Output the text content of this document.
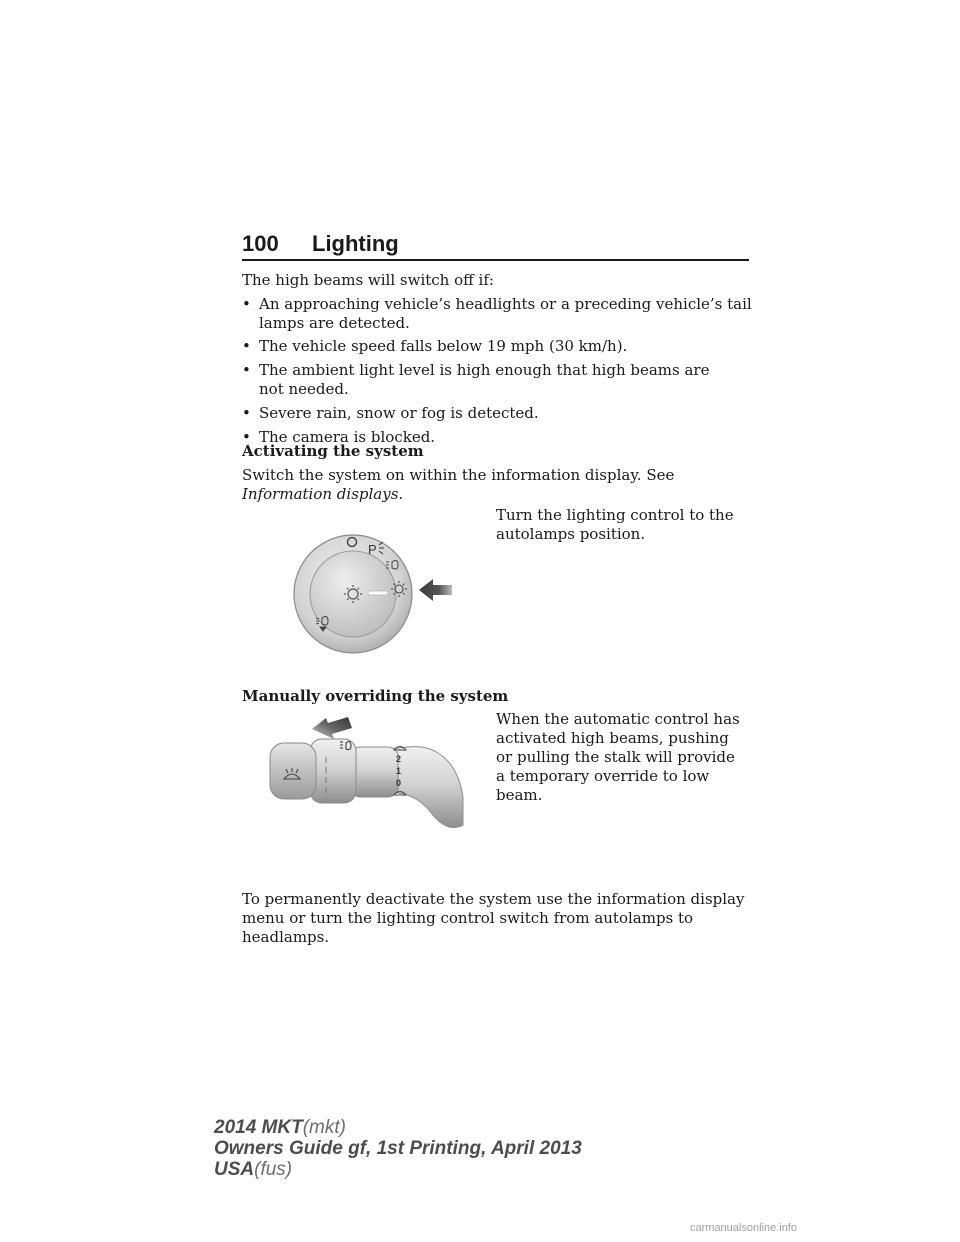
100 Lighting
The high beams will switch off if:
• An approaching vehicle’s headlights or a preceding vehicle’s tail lamps are detected.
• The vehicle speed falls below 19 mph (30 km/h).
• The ambient light level is high enough that high beams are not needed.
• Severe rain, snow or fog is detected.
• The camera is blocked.
Activating the system
Switch the system on within the information display. See Information displays.
Turn the lighting control to the autolamps position.
P
Manually overriding the system
When the automatic control has activated high beams, pushing or pulling the stalk will provide a temporary override to low beam.
2
1
0
To permanently deactivate the system use the information display menu or turn the lighting control switch from autolamps to headlamps.
2014 MKT(mkt)
Owners Guide gf, 1st Printing, April 2013
USA(fus)
carmanualsonline.info
